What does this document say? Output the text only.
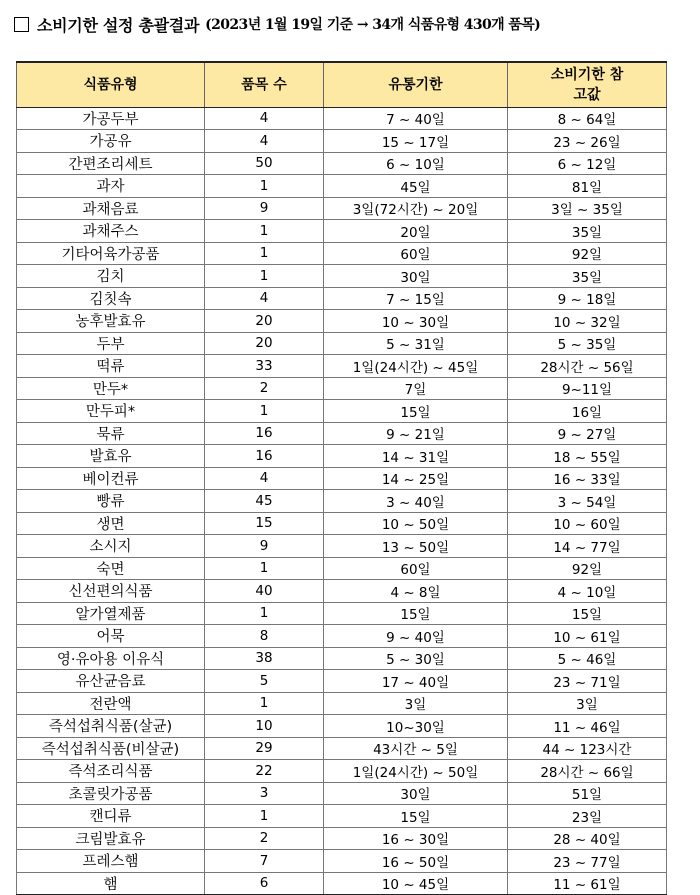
소비기한 설정 총괄결과 (2023년 1월 19일 기준 → 34개 식품유형 430개 품목)
식품유형	품목 수	유통기한	소비기한 참고값
가공두부	4	7 ~ 40일	8 ~ 64일
가공유	4	15 ~ 17일	23 ~ 26일
간편조리세트	50	6 ~ 10일	6 ~ 12일
과자	1	45일	81일
과채음료	9	3일(72시간) ~ 20일	3일 ~ 35일
과채주스	1	20일	35일
기타어육가공품	1	60일	92일
김치	1	30일	35일
김칫속	4	7 ~ 15일	9 ~ 18일
농후발효유	20	10 ~ 30일	10 ~ 32일
두부	20	5 ~ 31일	5 ~ 35일
떡류	33	1일(24시간) ~ 45일	28시간 ~ 56일
만두*	2	7일	9~11일
만두피*	1	15일	16일
묵류	16	9 ~ 21일	9 ~ 27일
발효유	16	14 ~ 31일	18 ~ 55일
베이컨류	4	14 ~ 25일	16 ~ 33일
빵류	45	3 ~ 40일	3 ~ 54일
생면	15	10 ~ 50일	10 ~ 60일
소시지	9	13 ~ 50일	14 ~ 77일
숙면	1	60일	92일
신선편의식품	40	4 ~ 8일	4 ~ 10일
알가열제품	1	15일	15일
어묵	8	9 ~ 40일	10 ~ 61일
영·유아용 이유식	38	5 ~ 30일	5 ~ 46일
유산균음료	5	17 ~ 40일	23 ~ 71일
전란액	1	3일	3일
즉석섭취식품(살균)	10	10~30일	11 ~ 46일
즉석섭취식품(비살균)	29	43시간 ~ 5일	44 ~ 123시간
즉석조리식품	22	1일(24시간) ~ 50일	28시간 ~ 66일
초콜릿가공품	3	30일	51일
캔디류	1	15일	23일
크림발효유	2	16 ~ 30일	28 ~ 40일
프레스햄	7	16 ~ 50일	23 ~ 77일
햄	6	10 ~ 45일	11 ~ 61일
